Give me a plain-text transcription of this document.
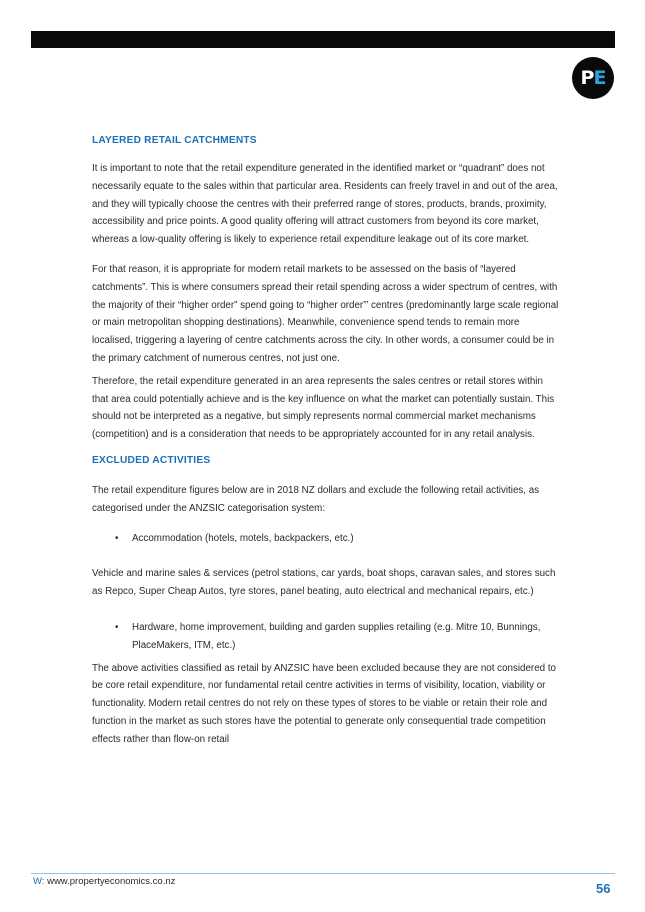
P E
LAYERED RETAIL CATCHMENTS

It is important to note that the retail expenditure generated in the identified market or “quadrant” does not necessarily equate to the sales within that particular area. Residents can freely travel in and out of the area, and they will typically choose the centres with their preferred range of stores, products, brands, proximity, accessibility and price points. A good quality offering will attract customers from beyond its core market, whereas a low-quality offering is likely to experience retail expenditure leakage out of its core market.

For that reason, it is appropriate for modern retail markets to be assessed on the basis of “layered catchments”. This is where consumers spread their retail spending across a wider spectrum of centres, with the majority of their “higher order” spend going to “higher order”’ centres (predominantly large scale regional or main metropolitan shopping destinations). Meanwhile, convenience spend tends to remain more localised, triggering a layering of centre catchments across the city. In other words, a consumer could be in the primary catchment of numerous centres, not just one.

Therefore, the retail expenditure generated in an area represents the sales centres or retail stores within that area could potentially achieve and is the key influence on what the market can potentially sustain. This should not be interpreted as a negative, but simply represents normal commercial market mechanisms (competition) and is a consideration that needs to be appropriately accounted for in any retail analysis.

EXCLUDED ACTIVITIES

The retail expenditure figures below are in 2018 NZ dollars and exclude the following retail activities, as categorised under the ANZSIC categorisation system:

• Accommodation (hotels, motels, backpackers, etc.)

Vehicle and marine sales & services (petrol stations, car yards, boat shops, caravan sales, and stores such as Repco, Super Cheap Autos, tyre stores, panel beating, auto electrical and mechanical repairs, etc.)

• Hardware, home improvement, building and garden supplies retailing (e.g. Mitre 10, Bunnings, PlaceMakers, ITM, etc.)

The above activities classified as retail by ANZSIC have been excluded because they are not considered to be core retail expenditure, nor fundamental retail centre activities in terms of visibility, location, viability or functionality. Modern retail centres do not rely on these types of stores to be viable or retain their role and function in the market as such stores have the potential to generate only consequential trade competition effects rather than flow-on retail

W: www.propertyeconomics.co.nz	56
